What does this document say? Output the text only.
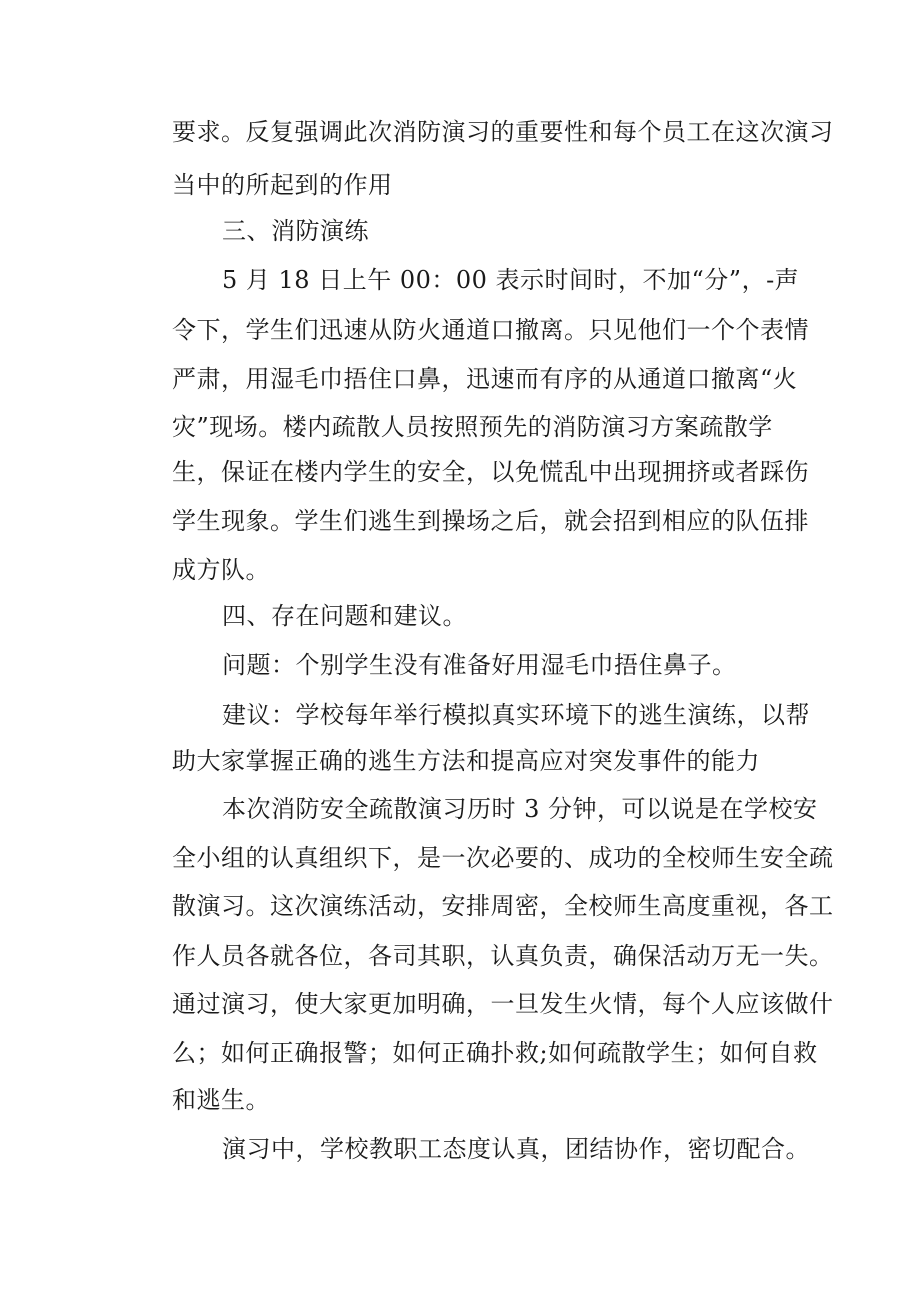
要求。反复强调此次消防演习的重要性和每个员工在这次演习
当中的所起到的作用
三、消防演练
5 月 18 日上午 00：00 表示时间时，不加“分”，-声
令下，学生们迅速从防火通道口撤离。只见他们一个个表情
严肃，用湿毛巾捂住口鼻，迅速而有序的从通道口撤离“火
灾”现场。楼内疏散人员按照预先的消防演习方案疏散学
生，保证在楼内学生的安全，以免慌乱中出现拥挤或者踩伤
学生现象。学生们逃生到操场之后，就会招到相应的队伍排
成方队。
四、存在问题和建议。
问题：个别学生没有准备好用湿毛巾捂住鼻子。
建议：学校每年举行模拟真实环境下的逃生演练，以帮
助大家掌握正确的逃生方法和提高应对突发事件的能力
本次消防安全疏散演习历时 3 分钟，可以说是在学校安
全小组的认真组织下，是一次必要的、成功的全校师生安全疏
散演习。这次演练活动，安排周密，全校师生高度重视，各工
作人员各就各位，各司其职，认真负责，确保活动万无一失。
通过演习，使大家更加明确，一旦发生火情，每个人应该做什
么；如何正确报警；如何正确扑救;如何疏散学生；如何自救
和逃生。
演习中，学校教职工态度认真，团结协作，密切配合。
